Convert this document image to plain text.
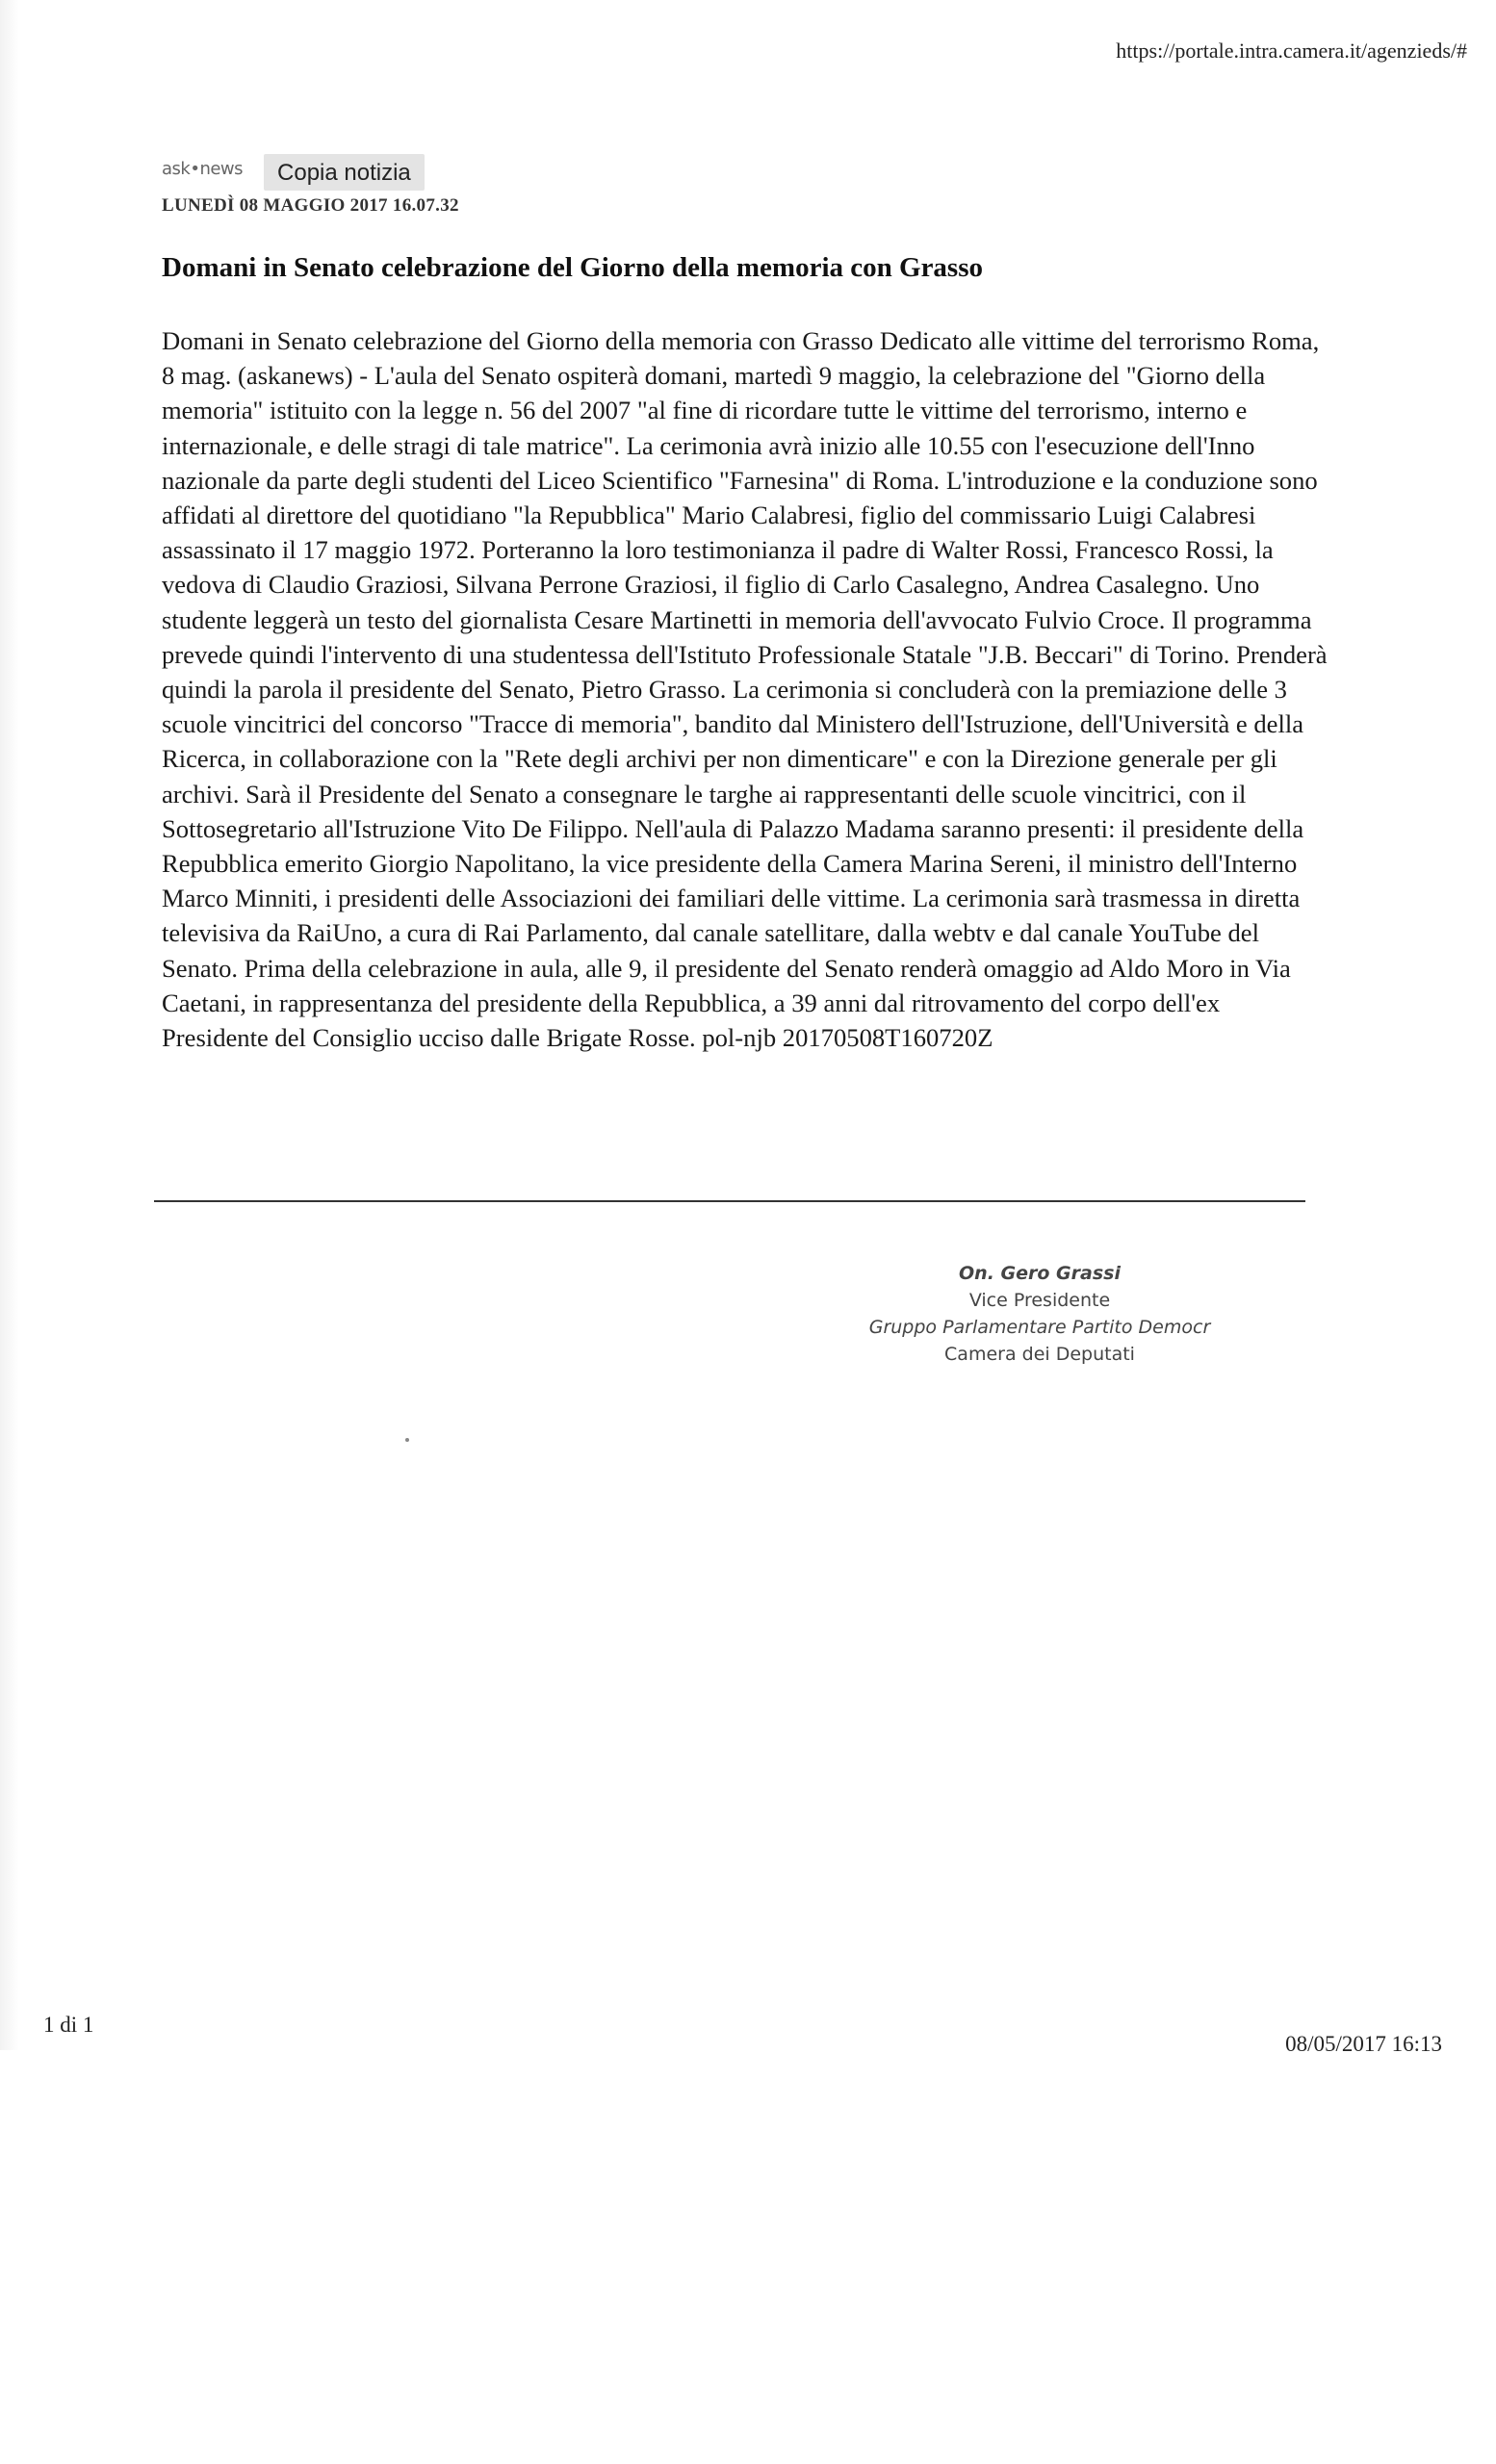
https://portale.intra.camera.it/agenzieds/#
ask•news	Copia notizia
LUNEDÌ 08 MAGGIO 2017 16.07.32
Domani in Senato celebrazione del Giorno della memoria con Grasso

Domani in Senato celebrazione del Giorno della memoria con Grasso Dedicato alle vittime del terrorismo Roma, 8 mag. (askanews) - L'aula del Senato ospiterà domani, martedì 9 maggio, la celebrazione del "Giorno della memoria" istituito con la legge n. 56 del 2007 "al fine di ricordare tutte le vittime del terrorismo, interno e internazionale, e delle stragi di tale matrice". La cerimonia avrà inizio alle 10.55 con l'esecuzione dell'Inno nazionale da parte degli studenti del Liceo Scientifico "Farnesina" di Roma. L'introduzione e la conduzione sono affidati al direttore del quotidiano "la Repubblica" Mario Calabresi, figlio del commissario Luigi Calabresi assassinato il 17 maggio 1972. Porteranno la loro testimonianza il padre di Walter Rossi, Francesco Rossi, la vedova di Claudio Graziosi, Silvana Perrone Graziosi, il figlio di Carlo Casalegno, Andrea Casalegno. Uno studente leggerà un testo del giornalista Cesare Martinetti in memoria dell'avvocato Fulvio Croce. Il programma prevede quindi l'intervento di una studentessa dell'Istituto Professionale Statale "J.B. Beccari" di Torino. Prenderà quindi la parola il presidente del Senato, Pietro Grasso. La cerimonia si concluderà con la premiazione delle 3 scuole vincitrici del concorso "Tracce di memoria", bandito dal Ministero dell'Istruzione, dell'Università e della Ricerca, in collaborazione con la "Rete degli archivi per non dimenticare" e con la Direzione generale per gli archivi. Sarà il Presidente del Senato a consegnare le targhe ai rappresentanti delle scuole vincitrici, con il Sottosegretario all'Istruzione Vito De Filippo. Nell'aula di Palazzo Madama saranno presenti: il presidente della Repubblica emerito Giorgio Napolitano, la vice presidente della Camera Marina Sereni, il ministro dell'Interno Marco Minniti, i presidenti delle Associazioni dei familiari delle vittime. La cerimonia sarà trasmessa in diretta televisiva da RaiUno, a cura di Rai Parlamento, dal canale satellitare, dalla webtv e dal canale YouTube del Senato. Prima della celebrazione in aula, alle 9, il presidente del Senato renderà omaggio ad Aldo Moro in Via Caetani, in rappresentanza del presidente della Repubblica, a 39 anni dal ritrovamento del corpo dell'ex Presidente del Consiglio ucciso dalle Brigate Rosse. pol-njb 20170508T160720Z

On. Gero Grassi
Vice Presidente
Gruppo Parlamentare Partito Democr
Camera dei Deputati
1 di 1
08/05/2017 16:13
